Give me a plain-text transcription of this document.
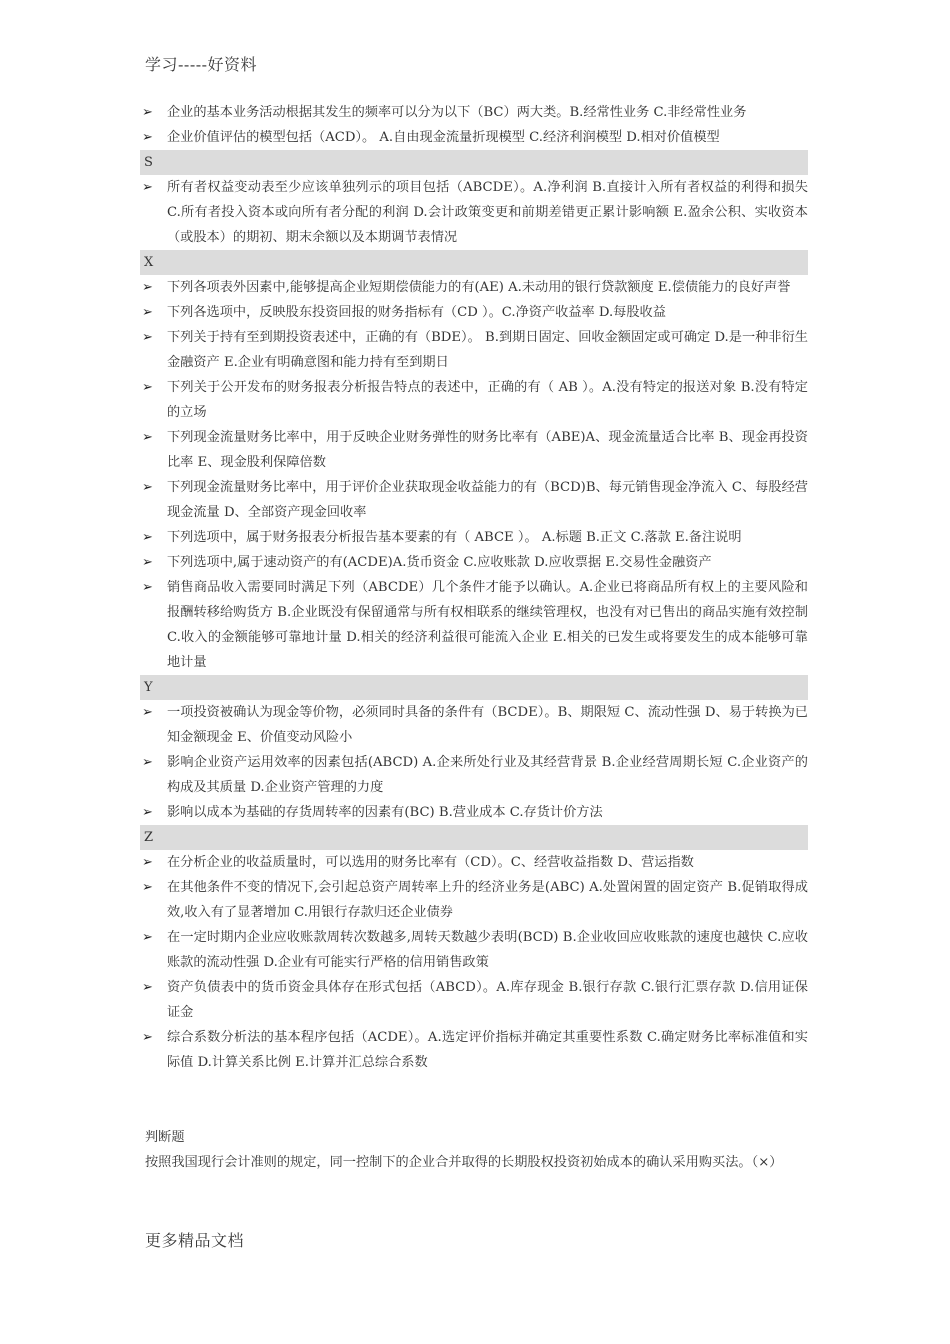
学习-----好资料
➢	企业的基本业务活动根据其发生的频率可以分为以下（BC）两大类。B.经常性业务 C.非经常性业务
➢	企业价值评估的模型包括（ACD）。 A.自由现金流量折现模型 C.经济利润模型 D.相对价值模型
S
➢	所有者权益变动表至少应该单独列示的项目包括（ABCDE）。A.净利润 B.直接计入所有者权益的利得和损失 C.所有者投入资本或向所有者分配的利润 D.会计政策变更和前期差错更正累计影响额 E.盈余公积、实收资本（或股本）的期初、期末余额以及本期调节表情况
X
➢	下列各项表外因素中,能够提高企业短期偿债能力的有(AE) A.未动用的银行贷款额度 E.偿债能力的良好声誉
➢	下列各选项中，反映股东投资回报的财务指标有（CD ）。C.净资产收益率 D.每股收益
➢	下列关于持有至到期投资表述中，正确的有（BDE）。 B.到期日固定、回收金额固定或可确定 D.是一种非衍生金融资产 E.企业有明确意图和能力持有至到期日
➢	下列关于公开发布的财务报表分析报告特点的表述中，正确的有（ AB ）。A.没有特定的报送对象 B.没有特定的立场
➢	下列现金流量财务比率中，用于反映企业财务弹性的财务比率有（ABE)A、现金流量适合比率 B、现金再投资比率 E、现金股利保障倍数
➢	下列现金流量财务比率中，用于评价企业获取现金收益能力的有（BCD)B、每元销售现金净流入 C、每股经营现金流量 D、全部资产现金回收率
➢	下列选项中，属于财务报表分析报告基本要素的有（ ABCE ）。 A.标题 B.正文 C.落款 E.备注说明
➢	下列选项中,属于速动资产的有(ACDE)A.货币资金 C.应收账款 D.应收票据 E.交易性金融资产
➢	销售商品收入需要同时满足下列（ABCDE）几个条件才能予以确认。A.企业已将商品所有权上的主要风险和报酬转移给购货方 B.企业既没有保留通常与所有权相联系的继续管理权，也没有对已售出的商品实施有效控制 C.收入的金额能够可靠地计量 D.相关的经济利益很可能流入企业 E.相关的已发生或将要发生的成本能够可靠地计量
Y
➢	一项投资被确认为现金等价物，必须同时具备的条件有（BCDE）。B、期限短 C、流动性强 D、易于转换为已知金额现金 E、价值变动风险小
➢	影响企业资产运用效率的因素包括(ABCD) A.企来所处行业及其经营背景 B.企业经营周期长短 C.企业资产的构成及其质量 D.企业资产管理的力度
➢	影响以成本为基础的存货周转率的因素有(BC) B.营业成本 C.存货计价方法
Z
➢	在分析企业的收益质量时，可以选用的财务比率有（CD）。C、经营收益指数 D、营运指数
➢	在其他条件不变的情况下,会引起总资产周转率上升的经济业务是(ABC) A.处置闲置的固定资产 B.促销取得成效,收入有了显著增加 C.用银行存款归还企业债券
➢	在一定时期内企业应收账款周转次数越多,周转天数越少表明(BCD) B.企业收回应收账款的速度也越快 C.应收账款的流动性强 D.企业有可能实行严格的信用销售政策
➢	资产负债表中的货币资金具体存在形式包括（ABCD）。A.库存现金 B.银行存款 C.银行汇票存款 D.信用证保证金
➢	综合系数分析法的基本程序包括（ACDE）。A.选定评价指标并确定其重要性系数 C.确定财务比率标准值和实际值 D.计算关系比例 E.计算并汇总综合系数
判断题
按照我国现行会计准则的规定，同一控制下的企业合并取得的长期股权投资初始成本的确认采用购买法。（×）
更多精品文档
